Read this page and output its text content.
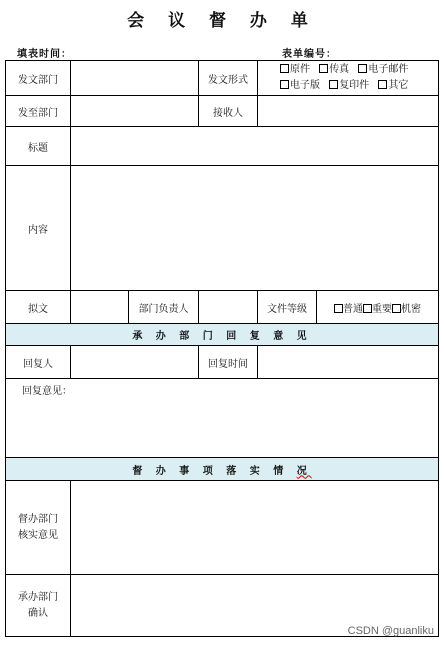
会 议 督 办 单
填表时间：	表单编号：
发文部门			发文形式	原件 传真 电子邮件
电子版 复印件 其它	

发至部门			接收人		
标题					
内容					
拟文		部门负责人		文件等级	普通 重要 机密
承 办 部 门 回 复 意 见					
回复人			回复时间		
回复意见：					
督 办 事 项 落 实 情 况					

督办部门
核实意见					

承办部门
确认					

CSDN @guanliku
